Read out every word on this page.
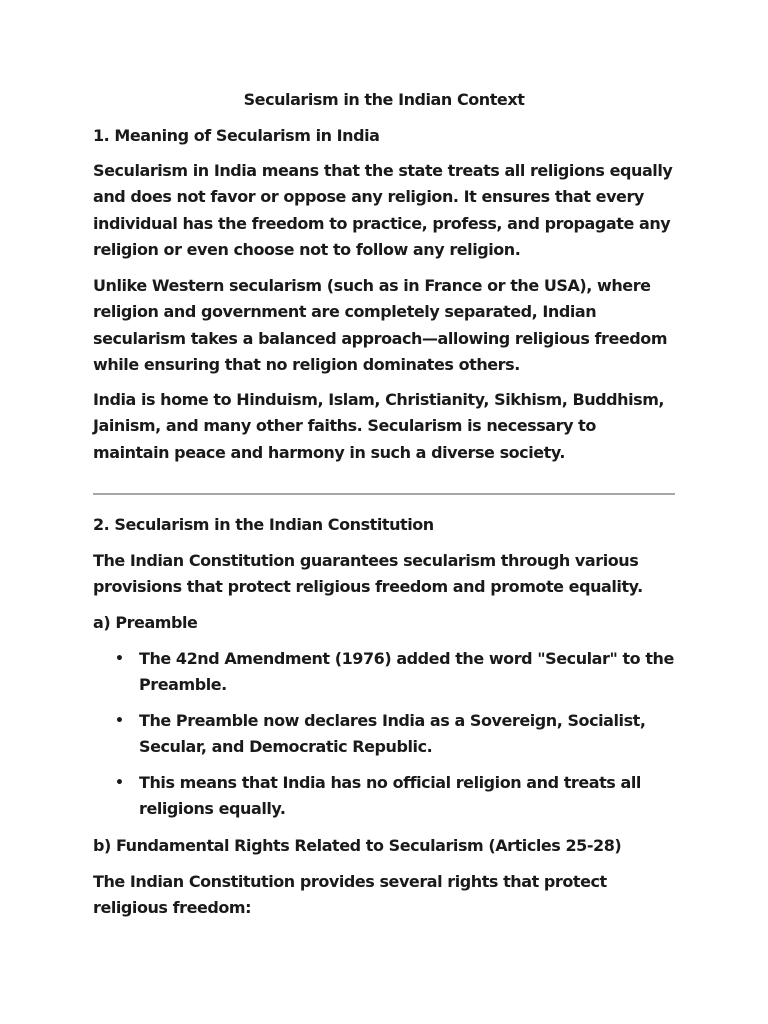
Secularism in the Indian Context

1. Meaning of Secularism in India

Secularism in India means that the state treats all religions equally and does not favor or oppose any religion. It ensures that every individual has the freedom to practice, profess, and propagate any religion or even choose not to follow any religion.

Unlike Western secularism (such as in France or the USA), where religion and government are completely separated, Indian secularism takes a balanced approach—allowing religious freedom while ensuring that no religion dominates others.

India is home to Hinduism, Islam, Christianity, Sikhism, Buddhism, Jainism, and many other faiths. Secularism is necessary to maintain peace and harmony in such a diverse society.

2. Secularism in the Indian Constitution

The Indian Constitution guarantees secularism through various provisions that protect religious freedom and promote equality.

a) Preamble

• The 42nd Amendment (1976) added the word "Secular" to the Preamble.
• The Preamble now declares India as a Sovereign, Socialist, Secular, and Democratic Republic.
• This means that India has no official religion and treats all religions equally.

b) Fundamental Rights Related to Secularism (Articles 25-28)

The Indian Constitution provides several rights that protect religious freedom:
